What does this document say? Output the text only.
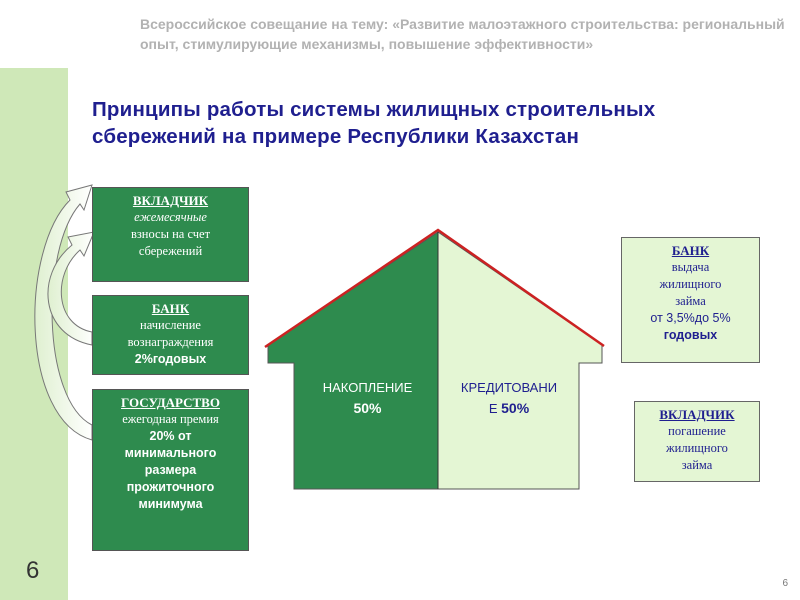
Всероссийское совещание на тему: «Развитие малоэтажного строительства: региональный опыт, стимулирующие механизмы, повышение эффективности»
Принципы работы системы жилищных строительных сбережений на примере Республики Казахстан
ВКЛАДЧИК
ежемесячные
взносы на счет
сбережений
БАНК
начисление
вознаграждения
2%годовых
ГОСУДАРСТВО
ежегодная премия
20% от
минимального
размера
прожиточного
минимума
НАКОПЛЕНИЕ
50%
КРЕДИТОВАНИ
Е 50%
БАНК
выдача
жилищного
займа
от 3,5%до 5%
годовых
ВКЛАДЧИК
погашение
жилищного
займа
6	6
